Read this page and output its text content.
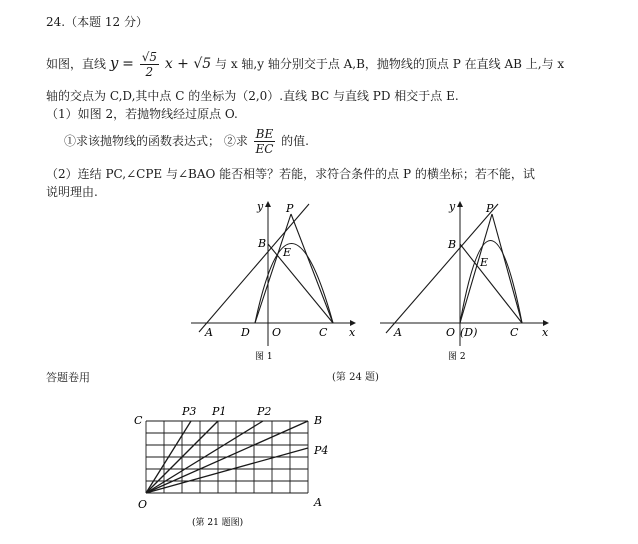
24.（本题 12 分）
如图，直线 $y = \frac{√5}{2}$ x + √5 与 x 轴,y 轴分别交于点 A,B，抛物线的顶点 P 在直线 AB 上,与 x
轴的交点为 C,D,其中点 C 的坐标为（2,0）.直线 BC 与直线 PD 相交于点 E.
（1）如图 2，若抛物线经过原点 O.
①求该抛物线的函数表达式； ②求 $\frac{BE}{EC}$ 的值.
（2）连结 PC,∠CPE 与∠BAO 能否相等？若能，求符合条件的点 P 的横坐标；若不能，试
说明理由.
y P
B
E
A	D O	C x
图 1
y	P
B
E
A	O (D)	C x
图 2
答题卷用	(第 24 题)
C
P3 P1	P2
B
P4
O	A
(第 21 题图)
